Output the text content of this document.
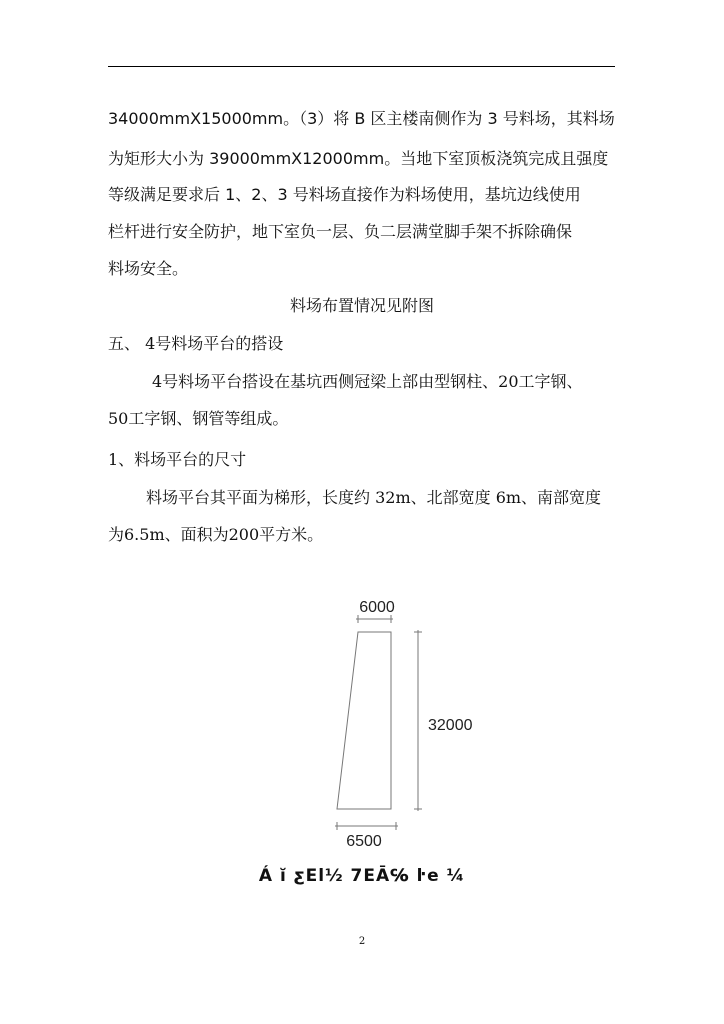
34000mmX15000mm。（3）将 B 区主楼南侧作为 3 号料场，其料场
为矩形大小为 39000mmX12000mm。当地下室顶板浇筑完成且强度
等级满足要求后 1、2、3 号料场直接作为料场使用，基坑边线使用
栏杆进行安全防护，地下室负一层、负二层满堂脚手架不拆除确保
料场安全。
料场布置情况见附图
五、 4号料场平台的搭设
4号料场平台搭设在基坑西侧冠梁上部由型钢柱、20工字钢、
50工字钢、钢管等组成。
1、料场平台的尺寸
料场平台其平面为梯形，长度约 32m、北部宽度 6m、南部宽度
为6.5m、面积为200平方米。
6000
32000
6500
Á ĭ ƹEl½ 7EĀ℅ ŀe ¼
2
